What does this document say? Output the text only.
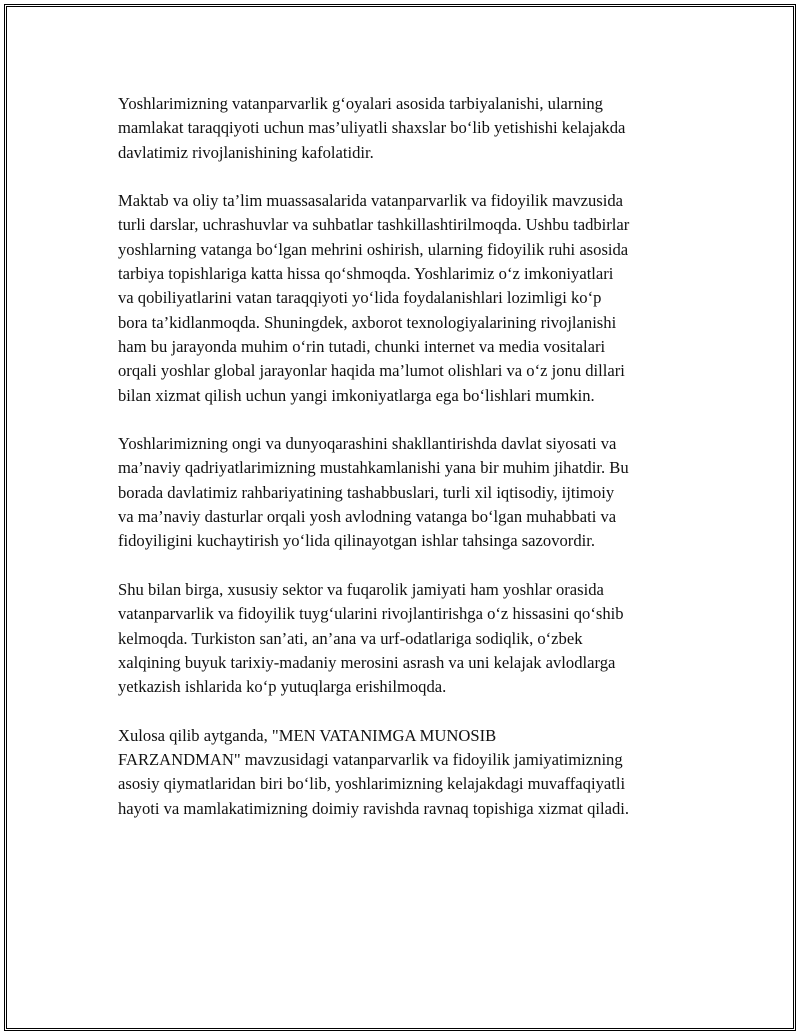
Yoshlarimizning vatanparvarlik g‘oyalari asosida tarbiyalanishi, ularning
mamlakat taraqqiyoti uchun mas’uliyatli shaxslar bo‘lib yetishishi kelajakda
davlatimiz rivojlanishining kafolatidir.

Maktab va oliy ta’lim muassasalarida vatanparvarlik va fidoyilik mavzusida
turli darslar, uchrashuvlar va suhbatlar tashkillashtirilmoqda. Ushbu tadbirlar
yoshlarning vatanga bo‘lgan mehrini oshirish, ularning fidoyilik ruhi asosida
tarbiya topishlariga katta hissa qo‘shmoqda. Yoshlarimiz o‘z imkoniyatlari
va qobiliyatlarini vatan taraqqiyoti yo‘lida foydalanishlari lozimligi ko‘p
bora ta’kidlanmoqda. Shuningdek, axborot texnologiyalarining rivojlanishi
ham bu jarayonda muhim o‘rin tutadi, chunki internet va media vositalari
orqali yoshlar global jarayonlar haqida ma’lumot olishlari va o‘z jonu dillari
bilan xizmat qilish uchun yangi imkoniyatlarga ega bo‘lishlari mumkin.

Yoshlarimizning ongi va dunyoqarashini shakllantirishda davlat siyosati va
ma’naviy qadriyatlarimizning mustahkamlanishi yana bir muhim jihatdir. Bu
borada davlatimiz rahbariyatining tashabbuslari, turli xil iqtisodiy, ijtimoiy
va ma’naviy dasturlar orqali yosh avlodning vatanga bo‘lgan muhabbati va
fidoyiligini kuchaytirish yo‘lida qilinayotgan ishlar tahsinga sazovordir.

Shu bilan birga, xususiy sektor va fuqarolik jamiyati ham yoshlar orasida
vatanparvarlik va fidoyilik tuyg‘ularini rivojlantirishga o‘z hissasini qo‘shib
kelmoqda. Turkiston san’ati, an’ana va urf-odatlariga sodiqlik, o‘zbek
xalqining buyuk tarixiy-madaniy merosini asrash va uni kelajak avlodlarga
yetkazish ishlarida ko‘p yutuqlarga erishilmoqda.

Xulosa qilib aytganda, "MEN VATANIMGA MUNOSIB
FARZANDMAN" mavzusidagi vatanparvarlik va fidoyilik jamiyatimizning
asosiy qiymatlaridan biri bo‘lib, yoshlarimizning kelajakdagi muvaffaqiyatli
hayoti va mamlakatimizning doimiy ravishda ravnaq topishiga xizmat qiladi.
